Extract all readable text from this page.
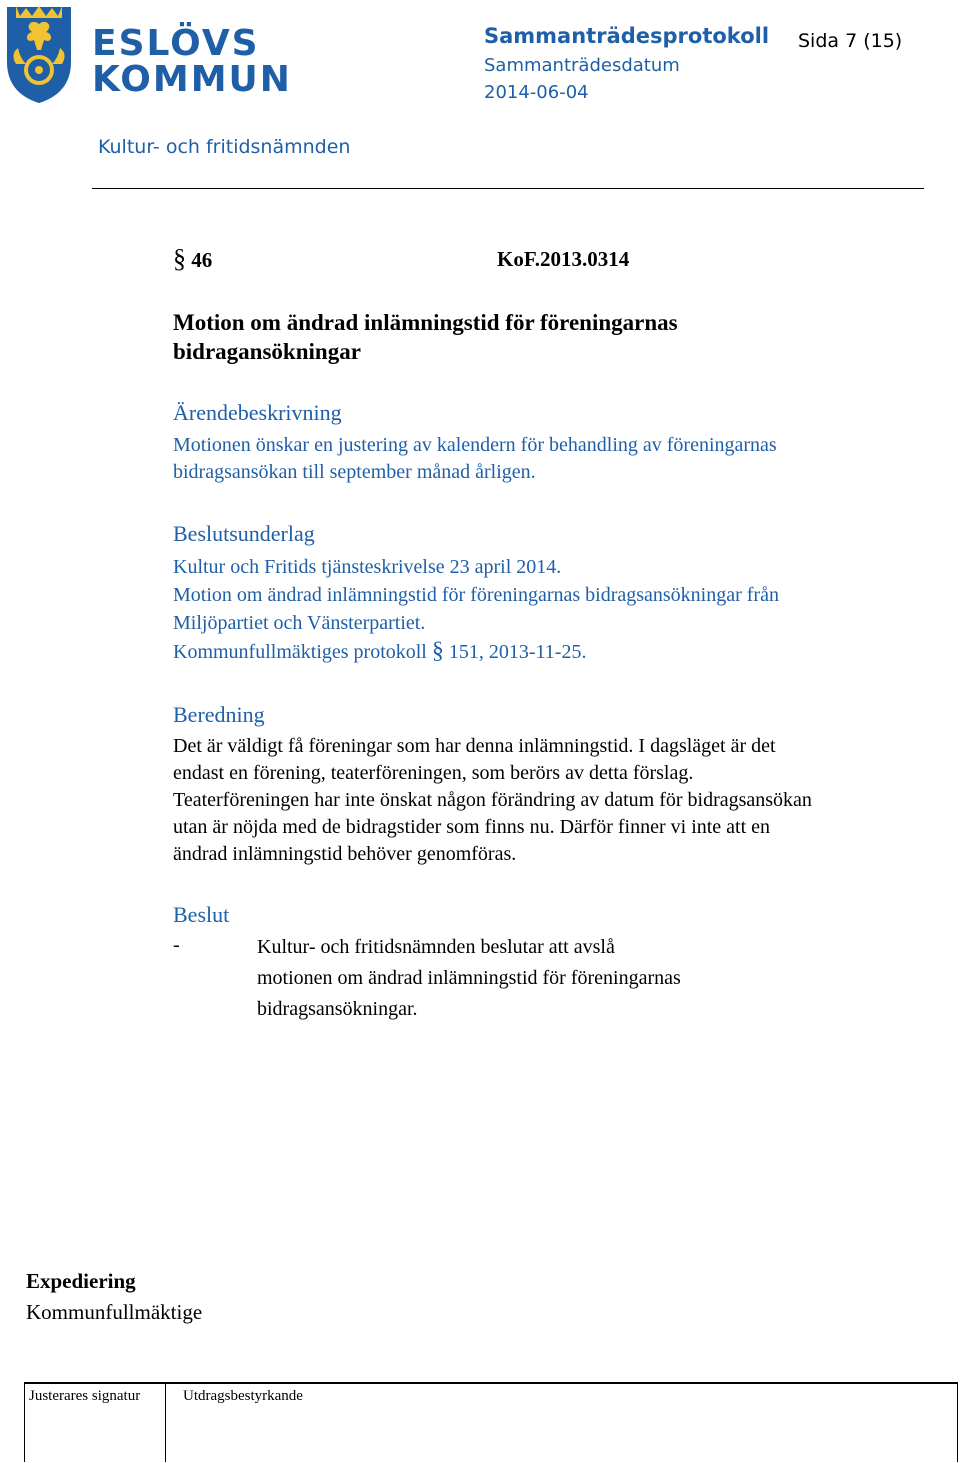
ESLÖVS
KOMMUN
Sammanträdesprotokoll Sida 7 (15)
Sammanträdesdatum
2014-06-04
Kultur- och fritidsnämnden
§ 46	KoF.2013.0314
Motion om ändrad inlämningstid för föreningarnas
bidragansökningar
Ärendebeskrivning
Motionen önskar en justering av kalendern för behandling av föreningarnas
bidragsansökan till september månad årligen.
Beslutsunderlag
Kultur och Fritids tjänsteskrivelse 23 april 2014.
Motion om ändrad inlämningstid för föreningarnas bidragsansökningar från
Miljöpartiet och Vänsterpartiet.
Kommunfullmäktiges protokoll § 151, 2013-11-25.
Beredning
Det är väldigt få föreningar som har denna inlämningstid. I dagsläget är det
endast en förening, teaterföreningen, som berörs av detta förslag.
Teaterföreningen har inte önskat någon förändring av datum för bidragsansökan
utan är nöjda med de bidragstider som finns nu. Därför finner vi inte att en
ändrad inlämningstid behöver genomföras.
Beslut
-	Kultur- och fritidsnämnden beslutar att avslå
motionen om ändrad inlämningstid för föreningarnas
bidragsansökningar.
Expediering
Kommunfullmäktige
Justerares signatur	Utdragsbestyrkande
